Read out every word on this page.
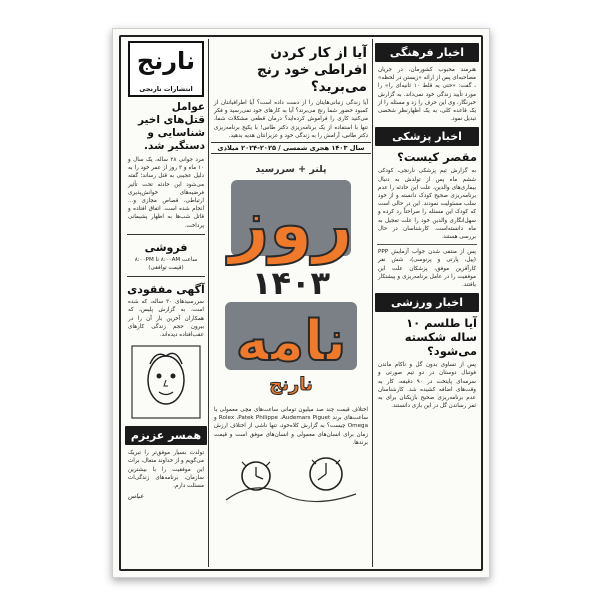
اخبار فرهنگی
هنرمند محبوب کشورمان، در جریان مصاحبه‌ای پس از ارائه «زیستن در لحظه» ، گفت: «حتی یه قلط ۱۰ ثانیه‌ای را» را مورد تأیید زندگی خود نمی‌داند. به گزارش خبرنگار، وی این حرف را زد و مسئله را از یک قاعده کلی، به یک اظهارنظر شخصی تبدیل نمود.
اخبار پزشکی
مقصر کیست؟
به گزارش تیم پزشکی نارنجی، کودکی ششم ماه پس از تولدش به دنبال بیماری‌های والدین، علت این حادثه را عدم برنامه‌ریزی صحیح کودک دانسته و از خود سلب مسئولیت نمودند. این در حالی است که کودک این مسئله را صراحتاً رد کرده و سهل‌انگاری والدین خود را علت تعجیل به ماه دانسته‌است. کارشناسان در حال بررسی هستند.
پس از منتفی شدن جواب آزمایش PPP (پیل، پارتی و پرنوسی)، شش نفر کارآفرین موفق، پزشکان علت این موفقیت را در عامل برنامه‌ریزی و پیشتکار یافتند.
اخبار ورزشی
آیا طلسم ۱۰ ساله شکسته می‌شود؟
پس از تساوی بدون گل و ناکام ماندن فوتبال دوستان در دو تیم صورتی و سرمه‌ای پایتخت در ۹۰ دقیقه، کار به وقت‌های اضافه کشیده شد. کارشناسان عدم برنامه‌ریزی صحیح بازیکنان برای به ثمر رساندن گل در این بازی دانستند.
آیا از کار کردن افراطی خود رنج می‌برید؟
آیا زندگی زنبانی‌هایتان را از دست داده است؟ آیا اطرافیانتان از کمبود حضور شما رنج می‌برند؟ آیا به کارهای خود نمی‌رسید و فکر می‌کنید کاری را فراموش کرده‌اید؟ درمان قطعی مشکلات شما، تنها با استفاده از یک برنامه‌ریزی دکتر طاس! با یکیج برنامه‌ریزی دکتر طاس، آرامش را به زندگی خود و عزیزانتان هدیه بدهید.
سال ۱۴۰۳ هجری شمسی / ۲۰۲۵-۲۰۲۴ میلادی
پلنر + سررسید
روز
۱۴۰۳
نامه
نارنج
اختلاف قیمت چند صد میلیون تومانی ساعت‌های مچی معمولی با ساعت‌های برند Rolex ،Patek Philippe ،Audemars Piguet و Omega چیست؟ به گزارش کلاه‌خود، تنها ناشی از اختلاف ارزش زمان برای انسان‌های معمولی و انسان‌های موفق است و قیمت برندها.
نارنج
انتشارات نارنجی
عوامل قتل‌های اخیر شناسایی و دستگیر شد.
مرد جوانی ۲۸ ساله، یک سال و ۱۰ ماه و ۳ روز از عمر خود را به دلیل عجیبی به قتل رساند؛ گفته می‌شود این حادثه تحت تأثیر فرضیه‌های خوانش‌پذیری ارتباطی، قصاص مجازی و... انجام شده است. اتفاق افتاده و قاتل شب‌ها به اظهار پشیمانی پرداخت.
فروشی
ساعت ۸:۰۰AM تا ۸:۰۰PM (قیمت توافقی)
آگهی مفقودی
سررسیدهای ۳۰ ساله، که شده است. به گزارش پلیس، که همکاران آخرین بار آن را در بیرون حجم زندگی کارهای عقب‌افتاده دیده‌اند.
همسر عزیزم
تولدت بسیار موفق‌تر را تبریک می‌گویم و از خداوند متعال، برات این موفقیت را با بیشترین سازمان، برنامه‌های زندگی‌ات مسئلت دارم.
عباس
